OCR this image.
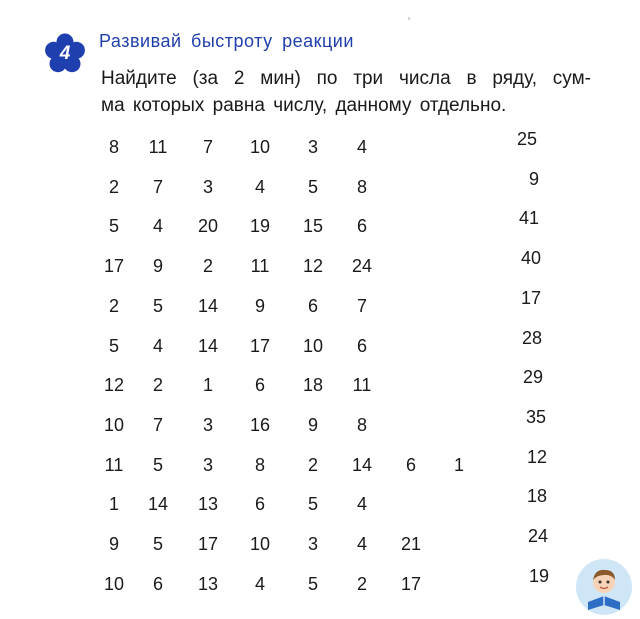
4
˒
Развивай быстроту реакции
Найдите (за 2 мин) по три числа в ряду, сум-
ма которых равна числу, данному отдельно.
8	11	7	10	3	4	25
2	7	3	4	5	8	9
5	4	20	19	15	6	41
17	9	2	11	12	24	40
2	5	14	9	6	7	17
5	4	14	17	10	6	28
12	2	1	6	18	11	29
10	7	3	16	9	8	35
11	5	3	8	2	14	6	1	12
1	14	13	6	5	4	18
9	5	17	10	3	4	21	24
10	6	13	4	5	2	17	19
